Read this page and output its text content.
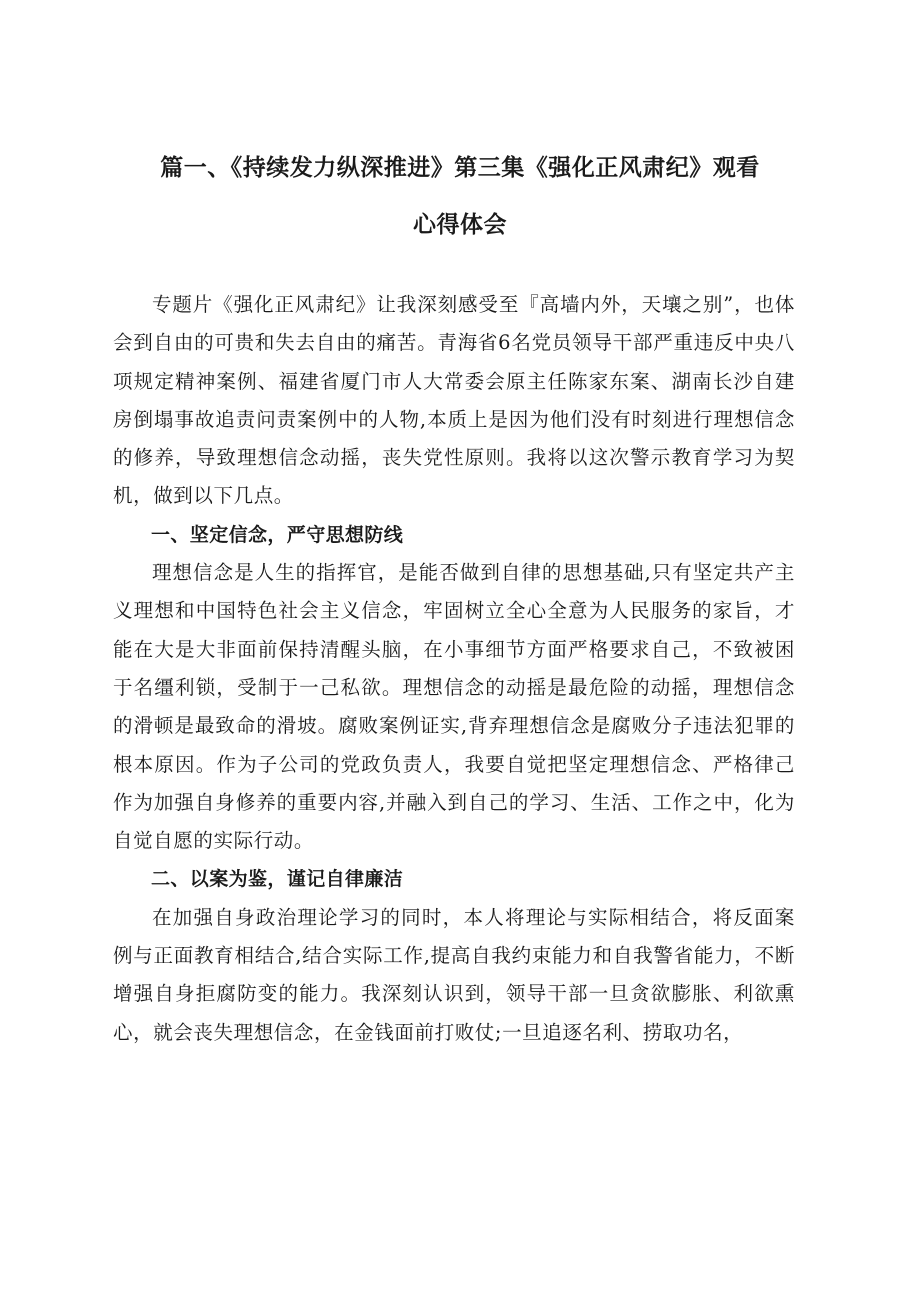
篇一、《持续发力纵深推进》第三集《强化正风肃纪》观看
心得体会

专题片《强化正风肃纪》让我深刻感受至『高墙内外，天壤之别”，也体会到自由的可贵和失去自由的痛苦。青海省6名党员领导干部严重违反中央八项规定精神案例、福建省厦门市人大常委会原主任陈家东案、湖南长沙自建房倒塌事故追责问责案例中的人物,本质上是因为他们没有时刻进行理想信念的修养，导致理想信念动摇，丧失党性原则。我将以这次警示教育学习为契机，做到以下几点。

一、坚定信念，严守思想防线

理想信念是人生的指挥官，是能否做到自律的思想基础,只有坚定共产主义理想和中国特色社会主义信念，牢固树立全心全意为人民服务的家旨，才能在大是大非面前保持清醒头脑，在小事细节方面严格要求自己，不致被困于名缰利锁，受制于一己私欲。理想信念的动摇是最危险的动摇，理想信念的滑顿是最致命的滑坡。腐败案例证实,背弃理想信念是腐败分子违法犯罪的根本原因。作为子公司的党政负责人，我要自觉把坚定理想信念、严格律己作为加强自身修养的重要内容,并融入到自己的学习、生活、工作之中，化为自觉自愿的实际行动。

二、以案为鉴，谨记自律廉洁

在加强自身政治理论学习的同时，本人将理论与实际相结合，将反面案例与正面教育相结合,结合实际工作,提高自我约束能力和自我警省能力，不断增强自身拒腐防变的能力。我深刻认识到，领导干部一旦贪欲膨胀、利欲熏心，就会丧失理想信念，在金钱面前打败仗;一旦追逐名利、捞取功名，
